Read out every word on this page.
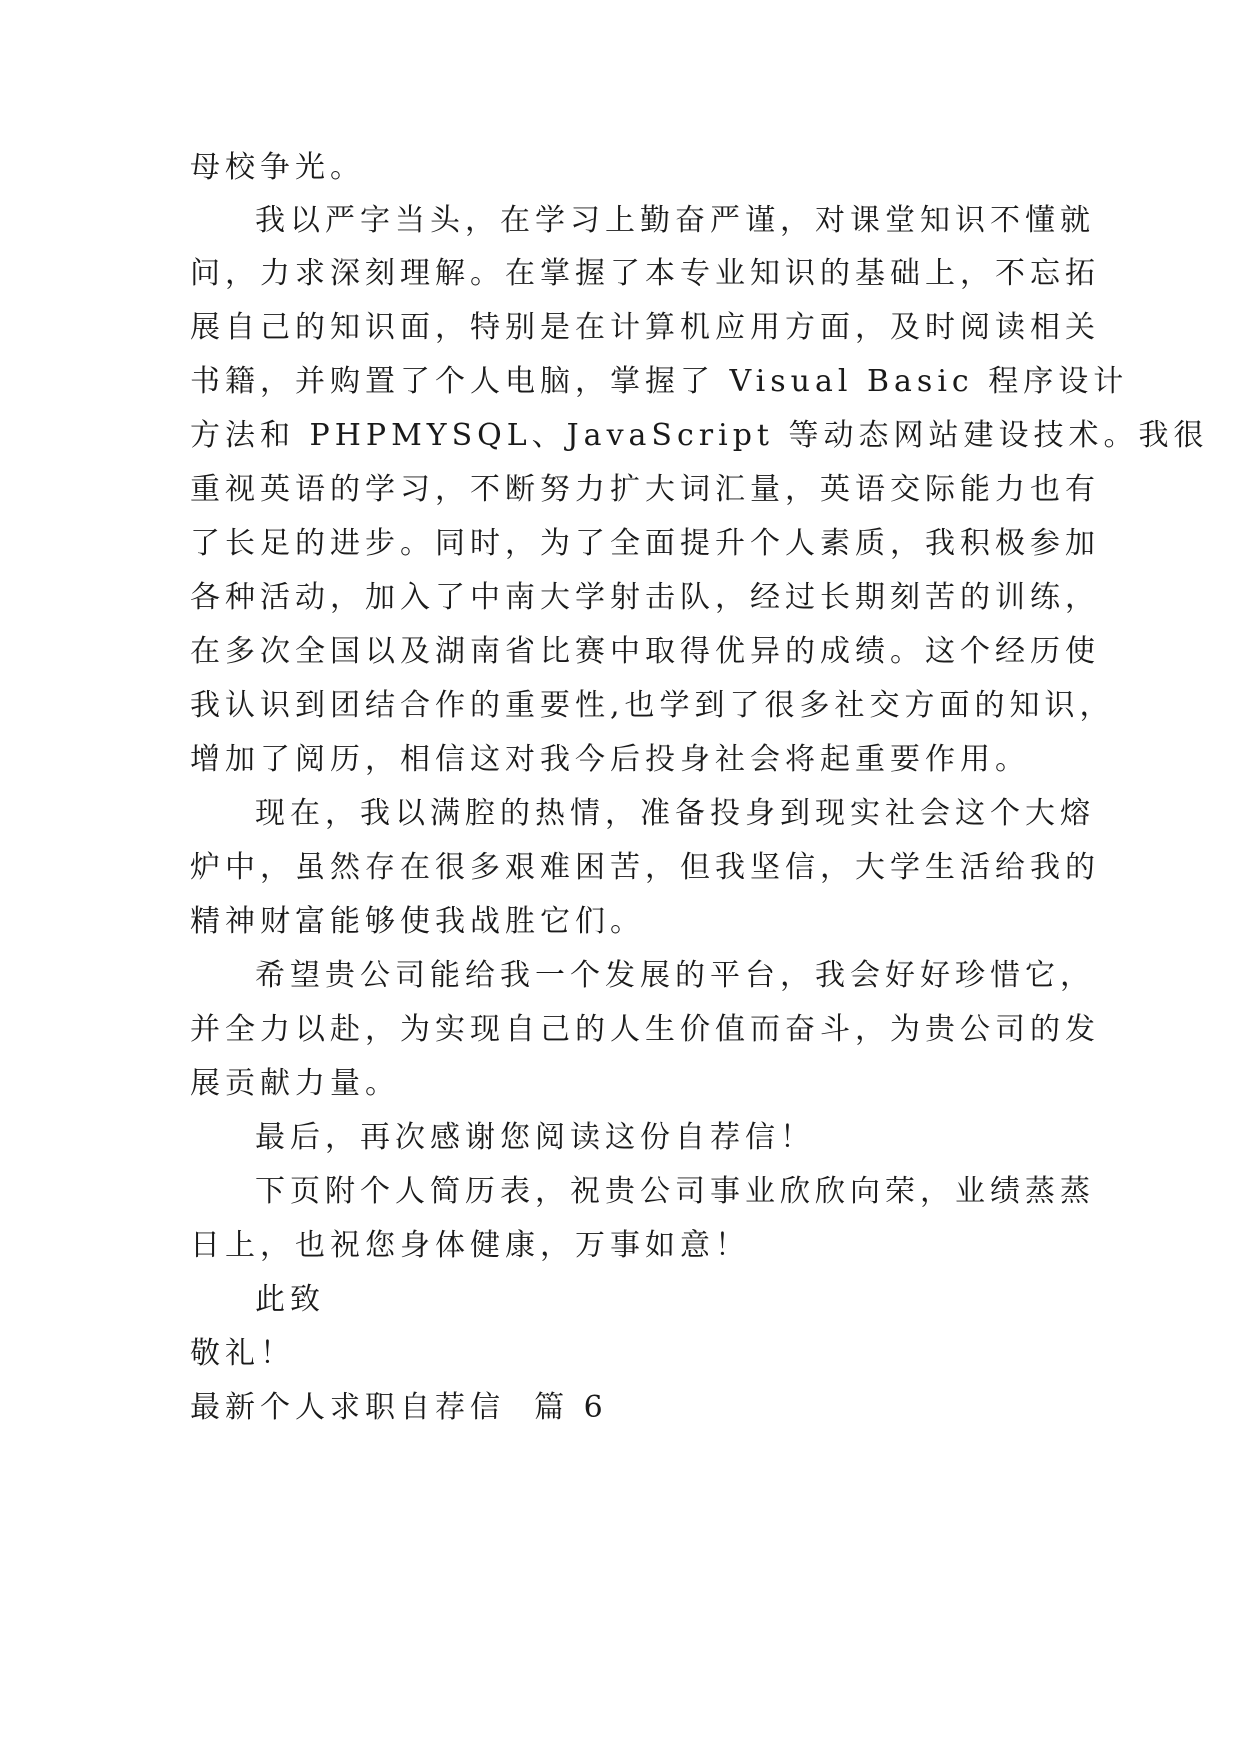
母校争光。
我以严字当头，在学习上勤奋严谨，对课堂知识不懂就
问，力求深刻理解。在掌握了本专业知识的基础上，不忘拓
展自己的知识面，特别是在计算机应用方面，及时阅读相关
书籍，并购置了个人电脑，掌握了 Visual Basic 程序设计
方法和 PHPMYSQL、JavaScript 等动态网站建设技术。我很
重视英语的学习，不断努力扩大词汇量，英语交际能力也有
了长足的进步。同时，为了全面提升个人素质，我积极参加
各种活动，加入了中南大学射击队，经过长期刻苦的训练，
在多次全国以及湖南省比赛中取得优异的成绩。这个经历使
我认识到团结合作的重要性,也学到了很多社交方面的知识，
增加了阅历，相信这对我今后投身社会将起重要作用。
现在，我以满腔的热情，准备投身到现实社会这个大熔
炉中，虽然存在很多艰难困苦，但我坚信，大学生活给我的
精神财富能够使我战胜它们。
希望贵公司能给我一个发展的平台，我会好好珍惜它，
并全力以赴，为实现自己的人生价值而奋斗，为贵公司的发
展贡献力量。
最后，再次感谢您阅读这份自荐信！
下页附个人简历表，祝贵公司事业欣欣向荣，业绩蒸蒸
日上，也祝您身体健康，万事如意！
此致
敬礼！
最新个人求职自荐信  篇 6
